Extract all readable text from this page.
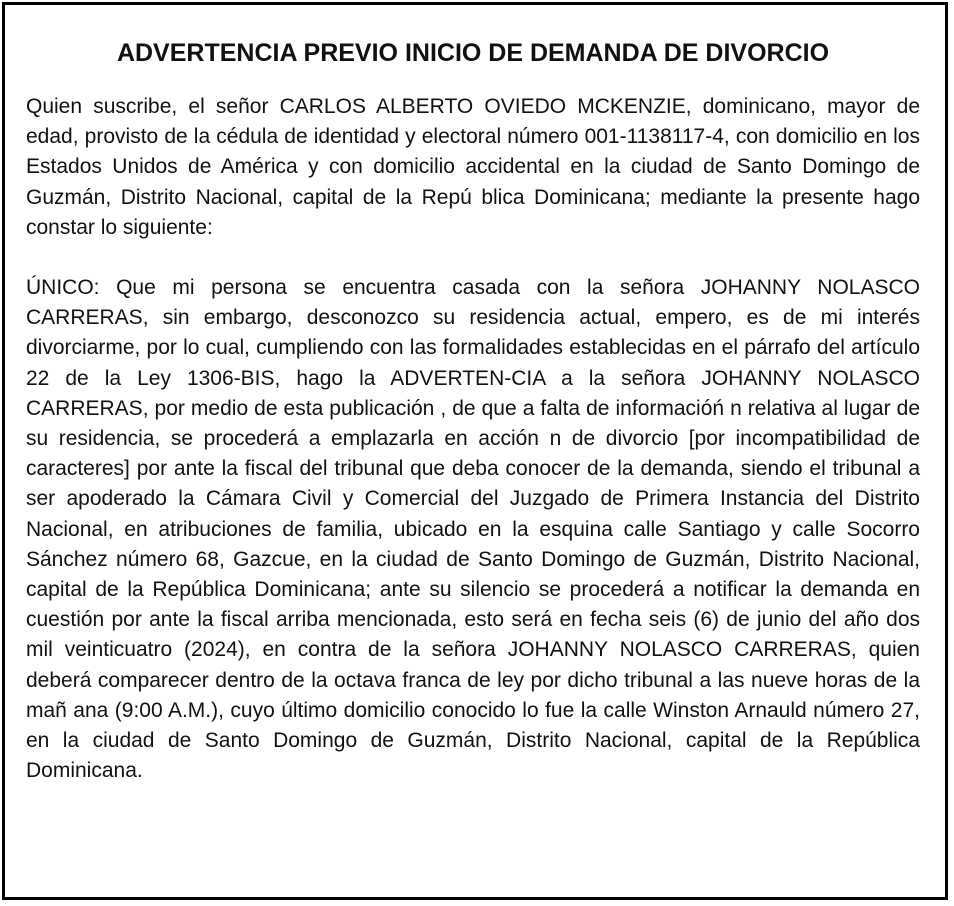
ADVERTENCIA PREVIO INICIO DE DEMANDA DE DIVORCIO

Quien suscribe, el señor CARLOS ALBERTO OVIEDO MCKENZIE, dominicano, mayor de edad, provisto de la cédula de identidad y electoral número 001-1138117-4, con domicilio en los Estados Unidos de América y con domicilio accidental en la ciudad de Santo Domingo de Guzmán, Distrito Nacional, capital de la Repú blica Dominicana; mediante la presente hago constar lo siguiente:

ÚNICO: Que mi persona se encuentra casada con la señora JOHANNY NOLASCO CARRERAS, sin embargo, desconozco su residencia actual, empero, es de mi interés divorciarme, por lo cual, cumpliendo con las formalidades establecidas en el párrafo del artículo 22 de la Ley 1306-BIS, hago la ADVERTEN-CIA a la señora JOHANNY NOLASCO CARRERAS, por medio de esta publicación , de que a falta de informacióń n relativa al lugar de su residencia, se procederá a emplazarla en acción n de divorcio [por incompatibilidad de caracteres] por ante la fiscal del tribunal que deba conocer de la demanda, siendo el tribunal a ser apoderado la Cámara Civil y Comercial del Juzgado de Primera Instancia del Distrito Nacional, en atribuciones de familia, ubicado en la esquina calle Santiago y calle Socorro Sánchez número 68, Gazcue, en la ciudad de Santo Domingo de Guzmán, Distrito Nacional, capital de la República Dominicana; ante su silencio se procederá a notificar la demanda en cuestión por ante la fiscal arriba mencionada, esto será en fecha seis (6) de junio del año dos mil veinticuatro (2024), en contra de la señora JOHANNY NOLASCO CARRERAS, quien deberá comparecer dentro de la octava franca de ley por dicho tribunal a las nueve horas de la mañ ana (9:00 A.M.), cuyo último domicilio conocido lo fue la calle Winston Arnauld número 27, en la ciudad de Santo Domingo de Guzmán, Distrito Nacional, capital de la República Dominicana.
